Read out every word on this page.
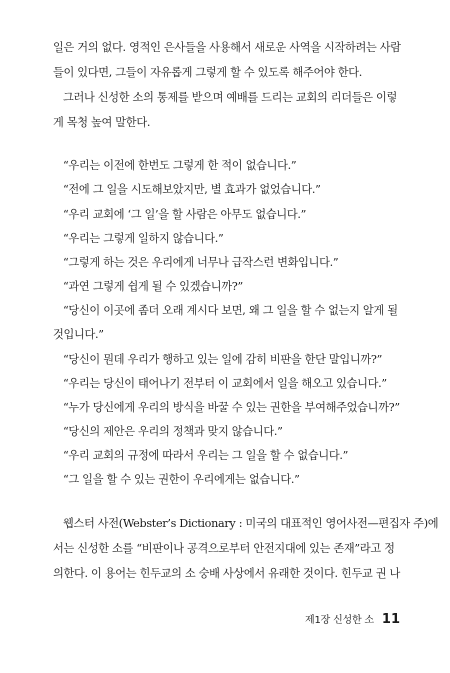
일은 거의 없다. 영적인 은사들을 사용해서 새로운 사역을 시작하려는 사람
들이 있다면, 그들이 자유롭게 그렇게 할 수 있도록 해주어야 한다.
그러나 신성한 소의 통제를 받으며 예배를 드리는 교회의 리더들은 이렇
게 목청 높여 말한다.
“우리는 이전에 한번도 그렇게 한 적이 없습니다.”
“전에 그 일을 시도해보았지만, 별 효과가 없었습니다.”
“우리 교회에 ‘그 일’을 할 사람은 아무도 없습니다.”
“우리는 그렇게 일하지 않습니다.”
“그렇게 하는 것은 우리에게 너무나 급작스런 변화입니다.”
“과연 그렇게 쉽게 될 수 있겠습니까?”
“당신이 이곳에 좀더 오래 계시다 보면, 왜 그 일을 할 수 없는지 알게 될
것입니다.”
“당신이 뭔데 우리가 행하고 있는 일에 감히 비판을 한단 말입니까?”
“우리는 당신이 태어나기 전부터 이 교회에서 일을 해오고 있습니다.”
“누가 당신에게 우리의 방식을 바꿀 수 있는 권한을 부여해주었습니까?”
“당신의 제안은 우리의 정책과 맞지 않습니다.”
“우리 교회의 규정에 따라서 우리는 그 일을 할 수 없습니다.”
“그 일을 할 수 있는 권한이 우리에게는 없습니다.”
웹스터 사전(Webster’s Dictionary : 미국의 대표적인 영어사전—편집자 주)에
서는 신성한 소를 “비판이나 공격으로부터 안전지대에 있는 존재”라고 정
의한다. 이 용어는 힌두교의 소 숭배 사상에서 유래한 것이다. 힌두교 권 나
제1장 신성한 소 11
